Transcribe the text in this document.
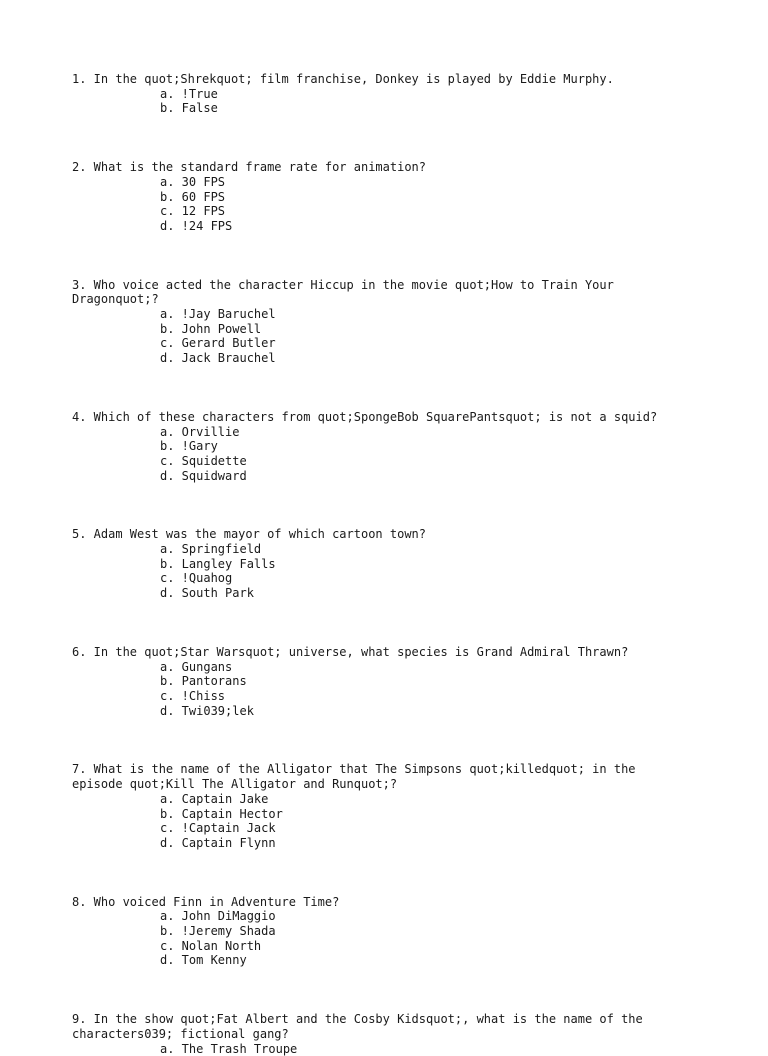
1. In the quot;Shrekquot; film franchise, Donkey is played by Eddie Murphy.

a. !True
b. False

2. What is the standard frame rate for animation?

a. 30 FPS
b. 60 FPS
c. 12 FPS
d. !24 FPS

3. Who voice acted the character Hiccup in the movie quot;How to Train Your Dragonquot;?

a. !Jay Baruchel
b. John Powell
c. Gerard Butler
d. Jack Brauchel

4. Which of these characters from quot;SpongeBob SquarePantsquot; is not a squid?

a. Orvillie
b. !Gary
c. Squidette
d. Squidward

5. Adam West was the mayor of which cartoon town?

a. Springfield
b. Langley Falls
c. !Quahog
d. South Park

6. In the quot;Star Warsquot; universe, what species is Grand Admiral Thrawn?

a. Gungans
b. Pantorans
c. !Chiss
d. Twi039;lek

7. What is the name of the Alligator that The Simpsons quot;killedquot; in the episode quot;Kill The Alligator and Runquot;?

a. Captain Jake
b. Captain Hector
c. !Captain Jack
d. Captain Flynn

8. Who voiced Finn in Adventure Time?

a. John DiMaggio
b. !Jeremy Shada
c. Nolan North
d. Tom Kenny

9. In the show quot;Fat Albert and the Cosby Kidsquot;, what is the name of the characters039; fictional gang?

a. The Trash Troupe
